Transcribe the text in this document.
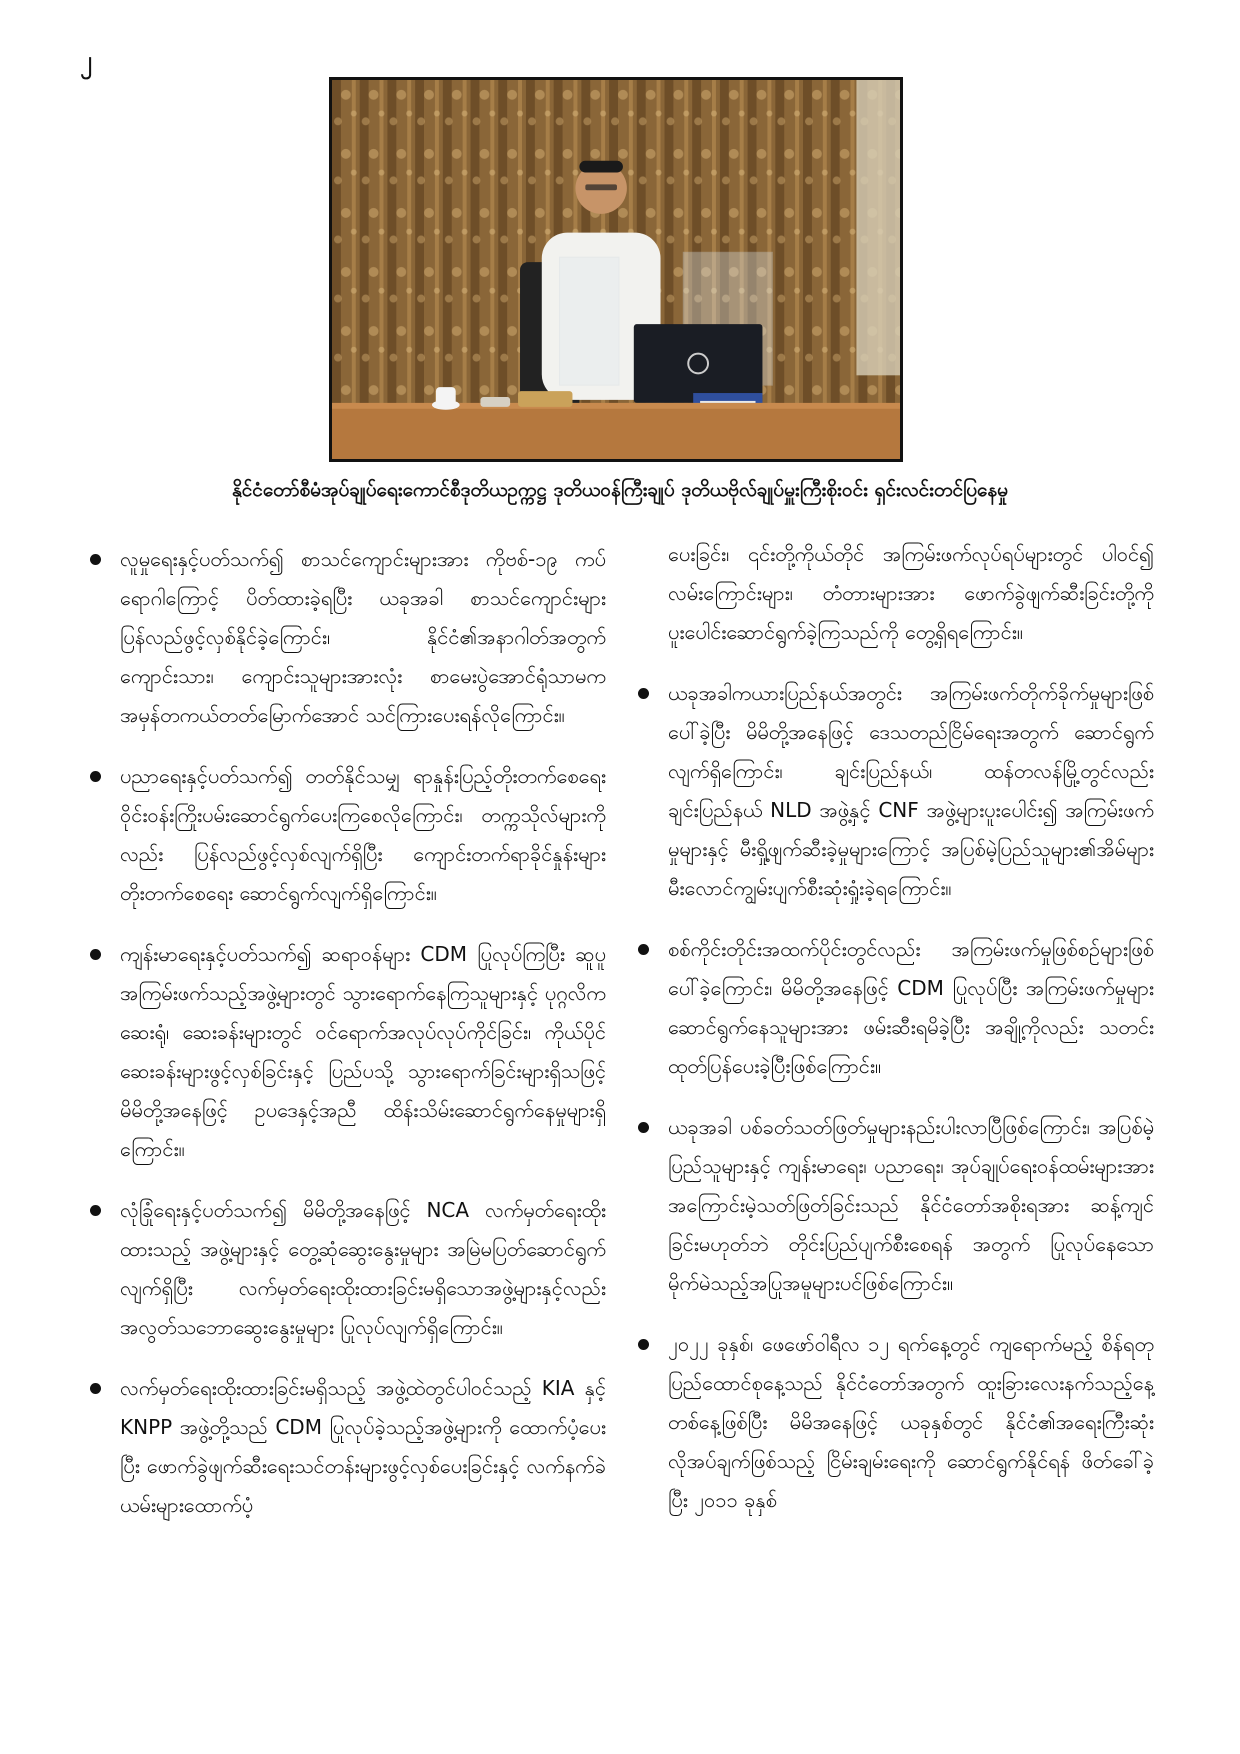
၂
နိုင်ငံတော်စီမံအုပ်ချုပ်ရေးကောင်စီဒုတိယဥက္ကဋ္ဌ ဒုတိယဝန်ကြီးချုပ် ဒုတိယဗိုလ်ချုပ်မှူးကြီးစိုးဝင်း ရှင်းလင်းတင်ပြနေမှု
လူမှုရေးနှင့်ပတ်သက်၍ စာသင်ကျောင်းများအား ကိုဗစ်-၁၉ ကပ်ရောဂါကြောင့် ပိတ်ထားခဲ့ရပြီး ယခုအခါ စာသင်ကျောင်းများ ပြန်လည်ဖွင့်လှစ်နိုင်ခဲ့ကြောင်း၊ နိုင်ငံ၏အနာဂါတ်အတွက် ကျောင်းသား၊ ကျောင်းသူများအားလုံး စာမေးပွဲအောင်ရုံသာမက အမှန်တကယ်တတ်မြောက်အောင် သင်ကြားပေးရန်လိုကြောင်း။
ပညာရေးနှင့်ပတ်သက်၍ တတ်နိုင်သမျှ ရာနှုန်းပြည့်တိုးတက်စေရေး ဝိုင်းဝန်းကြိုးပမ်းဆောင်ရွက်ပေးကြစေလိုကြောင်း၊ တက္ကသိုလ်များကိုလည်း ပြန်လည်ဖွင့်လှစ်လျက်ရှိပြီး ကျောင်းတက်ရာခိုင်နှုန်းများ တိုးတက်စေရေး ဆောင်ရွက်လျက်ရှိကြောင်း။
ကျန်းမာရေးနှင့်ပတ်သက်၍ ဆရာဝန်များ CDM ပြုလုပ်ကြပြီး ဆူပူအကြမ်းဖက်သည့်အဖွဲ့များတွင် သွားရောက်နေကြသူများနှင့် ပုဂ္ဂလိကဆေးရုံ၊ ဆေးခန်းများတွင် ဝင်ရောက်အလုပ်လုပ်ကိုင်ခြင်း၊ ကိုယ်ပိုင်ဆေးခန်းများဖွင့်လှစ်ခြင်းနှင့် ပြည်ပသို့ သွားရောက်ခြင်းများရှိသဖြင့် မိမိတို့အနေဖြင့် ဥပဒေနှင့်အညီ ထိန်းသိမ်းဆောင်ရွက်နေမှုများရှိကြောင်း။
လုံခြုံရေးနှင့်ပတ်သက်၍ မိမိတို့အနေဖြင့် NCA လက်မှတ်ရေးထိုးထားသည့် အဖွဲ့များနှင့် တွေ့ဆုံဆွေးနွေးမှုများ အမြဲမပြတ်ဆောင်ရွက်လျက်ရှိပြီး လက်မှတ်ရေးထိုးထားခြင်းမရှိသောအဖွဲ့များနှင့်လည်း အလွတ်သဘောဆွေးနွေးမှုများ ပြုလုပ်လျက်ရှိကြောင်း။
လက်မှတ်ရေးထိုးထားခြင်းမရှိသည့် အဖွဲ့ထဲတွင်ပါဝင်သည့် KIA နှင့် KNPP အဖွဲ့တို့သည် CDM ပြုလုပ်ခဲ့သည့်အဖွဲ့များကို ထောက်ပံ့ပေးပြီး ဖောက်ခွဲဖျက်ဆီးရေးသင်တန်းများဖွင့်လှစ်ပေးခြင်းနှင့် လက်နက်ခဲယမ်းများထောက်ပံ့
ပေးခြင်း၊ ၎င်းတို့ကိုယ်တိုင် အကြမ်းဖက်လုပ်ရပ်များတွင် ပါဝင်၍ လမ်းကြောင်းများ၊ တံတားများအား ဖောက်ခွဲဖျက်ဆီးခြင်းတို့ကို ပူးပေါင်းဆောင်ရွက်ခဲ့ကြသည်ကို တွေ့ရှိရကြောင်း။
ယခုအခါကယားပြည်နယ်အတွင်း အကြမ်းဖက်တိုက်ခိုက်မှုများဖြစ်ပေါ်ခဲ့ပြီး မိမိတို့အနေဖြင့် ဒေသတည်ငြိမ်ရေးအတွက် ဆောင်ရွက်လျက်ရှိကြောင်း၊ ချင်းပြည်နယ်၊ ထန်တလန်မြို့တွင်လည်း ချင်းပြည်နယ် NLD အဖွဲ့နှင့် CNF အဖွဲ့များပူးပေါင်း၍ အကြမ်းဖက်မှုများနှင့် မီးရှို့ဖျက်ဆီးခဲ့မှုများကြောင့် အပြစ်မဲ့ပြည်သူများ၏အိမ်များ မီးလောင်ကျွမ်းပျက်စီးဆုံးရှုံးခဲ့ရကြောင်း။
စစ်ကိုင်းတိုင်းအထက်ပိုင်းတွင်လည်း အကြမ်းဖက်မှုဖြစ်စဉ်များဖြစ်ပေါ်ခဲ့ကြောင်း၊ မိမိတို့အနေဖြင့် CDM ပြုလုပ်ပြီး အကြမ်းဖက်မှုများ ဆောင်ရွက်နေသူများအား ဖမ်းဆီးရမိခဲ့ပြီး အချို့ကိုလည်း သတင်းထုတ်ပြန်ပေးခဲ့ပြီးဖြစ်ကြောင်း။
ယခုအခါ ပစ်ခတ်သတ်ဖြတ်မှုများနည်းပါးလာပြီဖြစ်ကြောင်း၊ အပြစ်မဲ့ပြည်သူများနှင့် ကျန်းမာရေး၊ ပညာရေး၊ အုပ်ချုပ်ရေးဝန်ထမ်းများအား အကြောင်းမဲ့သတ်ဖြတ်ခြင်းသည် နိုင်ငံတော်အစိုးရအား ဆန့်ကျင်ခြင်းမဟုတ်ဘဲ တိုင်းပြည်ပျက်စီးစေရန် အတွက် ပြုလုပ်နေသော မိုက်မဲသည့်အပြုအမူများပင်ဖြစ်ကြောင်း။
၂၀၂၂ ခုနှစ်၊ ဖေဖော်ဝါရီလ ၁၂ ရက်နေ့တွင် ကျရောက်မည့် စိန်ရတု ပြည်ထောင်စုနေ့သည် နိုင်ငံတော်အတွက် ထူးခြားလေးနက်သည့်နေ့တစ်နေ့ဖြစ်ပြီး မိမိအနေဖြင့် ယခုနှစ်တွင် နိုင်ငံ၏အရေးကြီးဆုံးလိုအပ်ချက်ဖြစ်သည့် ငြိမ်းချမ်းရေးကို ဆောင်ရွက်နိုင်ရန် ဖိတ်ခေါ်ခဲ့ပြီး ၂၀၁၁ ခုနှစ်
